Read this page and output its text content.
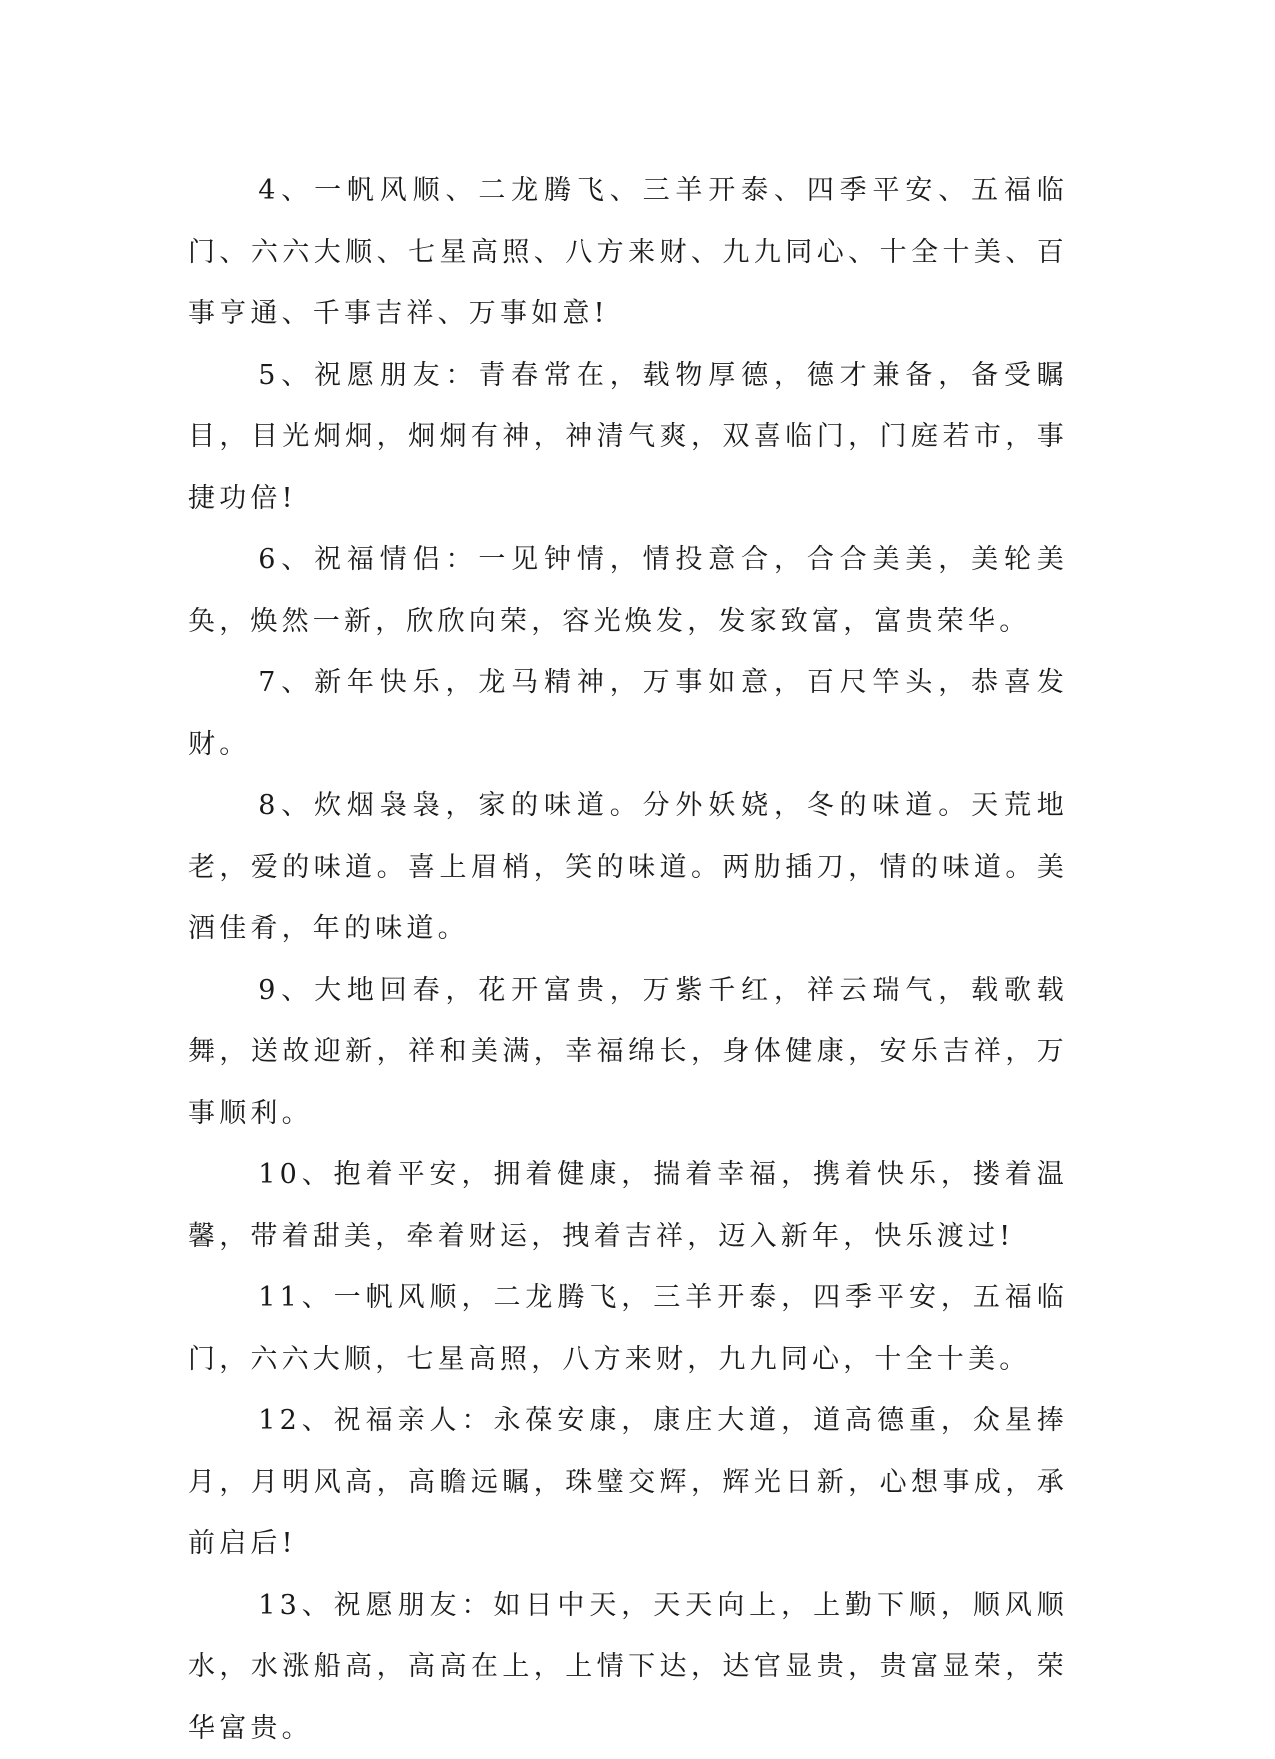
4、一帆风顺、二龙腾飞、三羊开泰、四季平安、五福临门、六六大顺、七星高照、八方来财、九九同心、十全十美、百事亨通、千事吉祥、万事如意!

5、祝愿朋友：青春常在，载物厚德，德才兼备，备受瞩目，目光炯炯，炯炯有神，神清气爽，双喜临门，门庭若市，事捷功倍!

6、祝福情侣：一见钟情，情投意合，合合美美，美轮美奂，焕然一新，欣欣向荣，容光焕发，发家致富，富贵荣华。

7、新年快乐，龙马精神，万事如意，百尺竿头，恭喜发财。

8、炊烟袅袅，家的味道。分外妖娆，冬的味道。天荒地老，爱的味道。喜上眉梢，笑的味道。两肋插刀，情的味道。美酒佳肴，年的味道。

9、大地回春，花开富贵，万紫千红，祥云瑞气，载歌载舞，送故迎新，祥和美满，幸福绵长，身体健康，安乐吉祥，万事顺利。

10、抱着平安，拥着健康，揣着幸福，携着快乐，搂着温馨，带着甜美，牵着财运，拽着吉祥，迈入新年，快乐渡过!

11、一帆风顺，二龙腾飞，三羊开泰，四季平安，五福临门，六六大顺，七星高照，八方来财，九九同心，十全十美。

12、祝福亲人：永葆安康，康庄大道，道高德重，众星捧月，月明风高，高瞻远瞩，珠璧交辉，辉光日新，心想事成，承前启后!

13、祝愿朋友：如日中天，天天向上，上勤下顺，顺风顺水，水涨船高，高高在上，上情下达，达官显贵，贵富显荣，荣华富贵。
